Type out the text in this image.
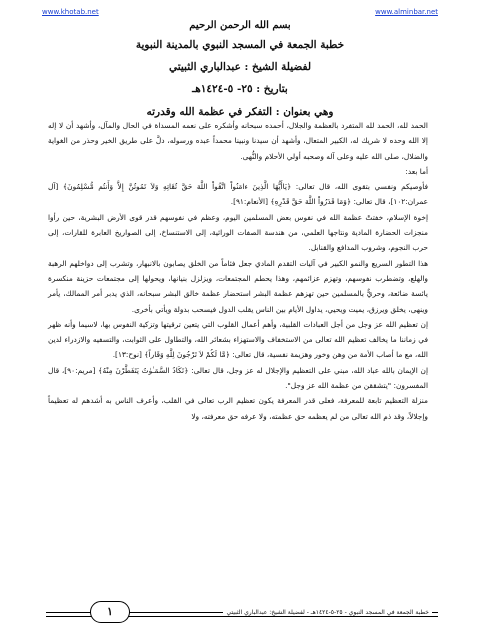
www.alminbar.net
www.khotab.net
بسم الله الرحمن الرحيم
خطبة الجمعة في المسجد النبوي بالمدينة النبوية
لفضيلة الشيخ : عبدالباري الثبيتي
بتاريخ : ٢٥- ٥-١٤٢٤هـ
وهي بعنوان : التفكر في عظمة الله وقدرته

الحمد لله، الحمد لله المتفرد بالعظمة والجلال، أحمده سبحانه وأشكره على نعمه المسداة في الحال والمآل، وأشهد أن لا إله إلا الله وحده لا شريك له، الكبير المتعال، وأشهد أن سيدنا ونبينا محمداً عبده ورسوله، دلَّ على طريق الخير وحذر من الغواية والضلال، صلى الله عليه وعلى آله وصحبه أولي الأحلام والنُّهى.

أما بعد:

فأوصيكم ونفسي بتقوى الله، قال تعالى: ﴿يَاأَيُّهَا الَّذِينَ ءامَنُواْ اتَّقُواْ اللَّهَ حَقَّ تُقَاتِهِ وَلاَ تَمُوتُنَّ إِلاَّ وَأَنتُم مُّسْلِمُونَ﴾ [آل عمران:١٠٢]، قال تعالى: ﴿وَمَا قَدَرُواْ اللَّهَ حَقَّ قَدْرِهِ﴾ [الأنعام:٩١].

إخوة الإسلام، خفتتْ عظمة الله في نفوس بعض المسلمين اليوم، وعظم في نفوسهم قدر قوى الأرض البشرية، حين رأوا منجزات الحضارة المادية ونتاجها العلمي، من هندسة الصفات الوراثية، إلى الاستنساخ، إلى الصواريخ العابرة للقارات، إلى حرب النجوم، وشروب المدافع والقنابل.

هذا التطور السريع والنمو الكبير في آليات التقدم المادي جعل فئاماً من الخلق يصابون بالانبهار، وتشرب إلى دواخلهم الرهبة والهلع، وتضطرب نفوسهم، وتهزم عزائمهم، وهذا يحطم المجتمعات، ويزلزل بنيانها، ويحولها إلى مجتمعات حزينة منكسرة يائسة ضائعة، وحريٌّ بالمسلمين حين تهزهم عظمة البشر استحضار عظمة خالق البشر سبحانه، الذي يدبر أمر الممالك، يأمر وينهى، يخلق ويرزق، يميت ويحيي، يداول الأيام بين الناس يقلب الدول فيسحب بدولة ويأتي بأخرى.

إن تعظيم الله عز وجل من أجل العبادات القلبية، وأهم أعمال القلوب التي يتعين ترقيتها وتزكية النفوس بها، لاسيما وأنه ظهر في زماننا ما يخالف تعظيم الله تعالى من الاستخفاف والاستهزاء بشعائر الله، والتطاول على الثوابت، والتسفيه والازدراء لدين الله، مع ما أصاب الأمة من وهن وخور وهزيمة نفسية، قال تعالى: ﴿مَّا لَكُمْ لاَ تَرْجُونَ لِلَّهِ وَقَاراً﴾ [نوح:١٣].

إن الإيمان بالله عباد الله، مبني على التعظيم والإجلال له عز وجل، قال تعالى: ﴿تَكَادُ السَّمَـٰوٰتُ يَتَفَطَّرْنَ مِنْهُ﴾ [مريم:٩٠]، قال المفسرون: "يتشققن من عظمة الله عز وجل".

منزلة التعظيم تابعة للمعرفة، فعلى قدر المعرفة يكون تعظيم الرب تعالى في القلب، وأعرف الناس به أشدهم له تعظيماً وإجلالاً، وقد ذم الله تعالى من لم يعظمه حق عظمته، ولا عرفه حق معرفته، ولا

خطبة الجمعة في المسجد النبوي - ٢٥-٥-١٤٢٤هـ - لفضيلة الشيخ: عبدالباري الثبيتي
١
